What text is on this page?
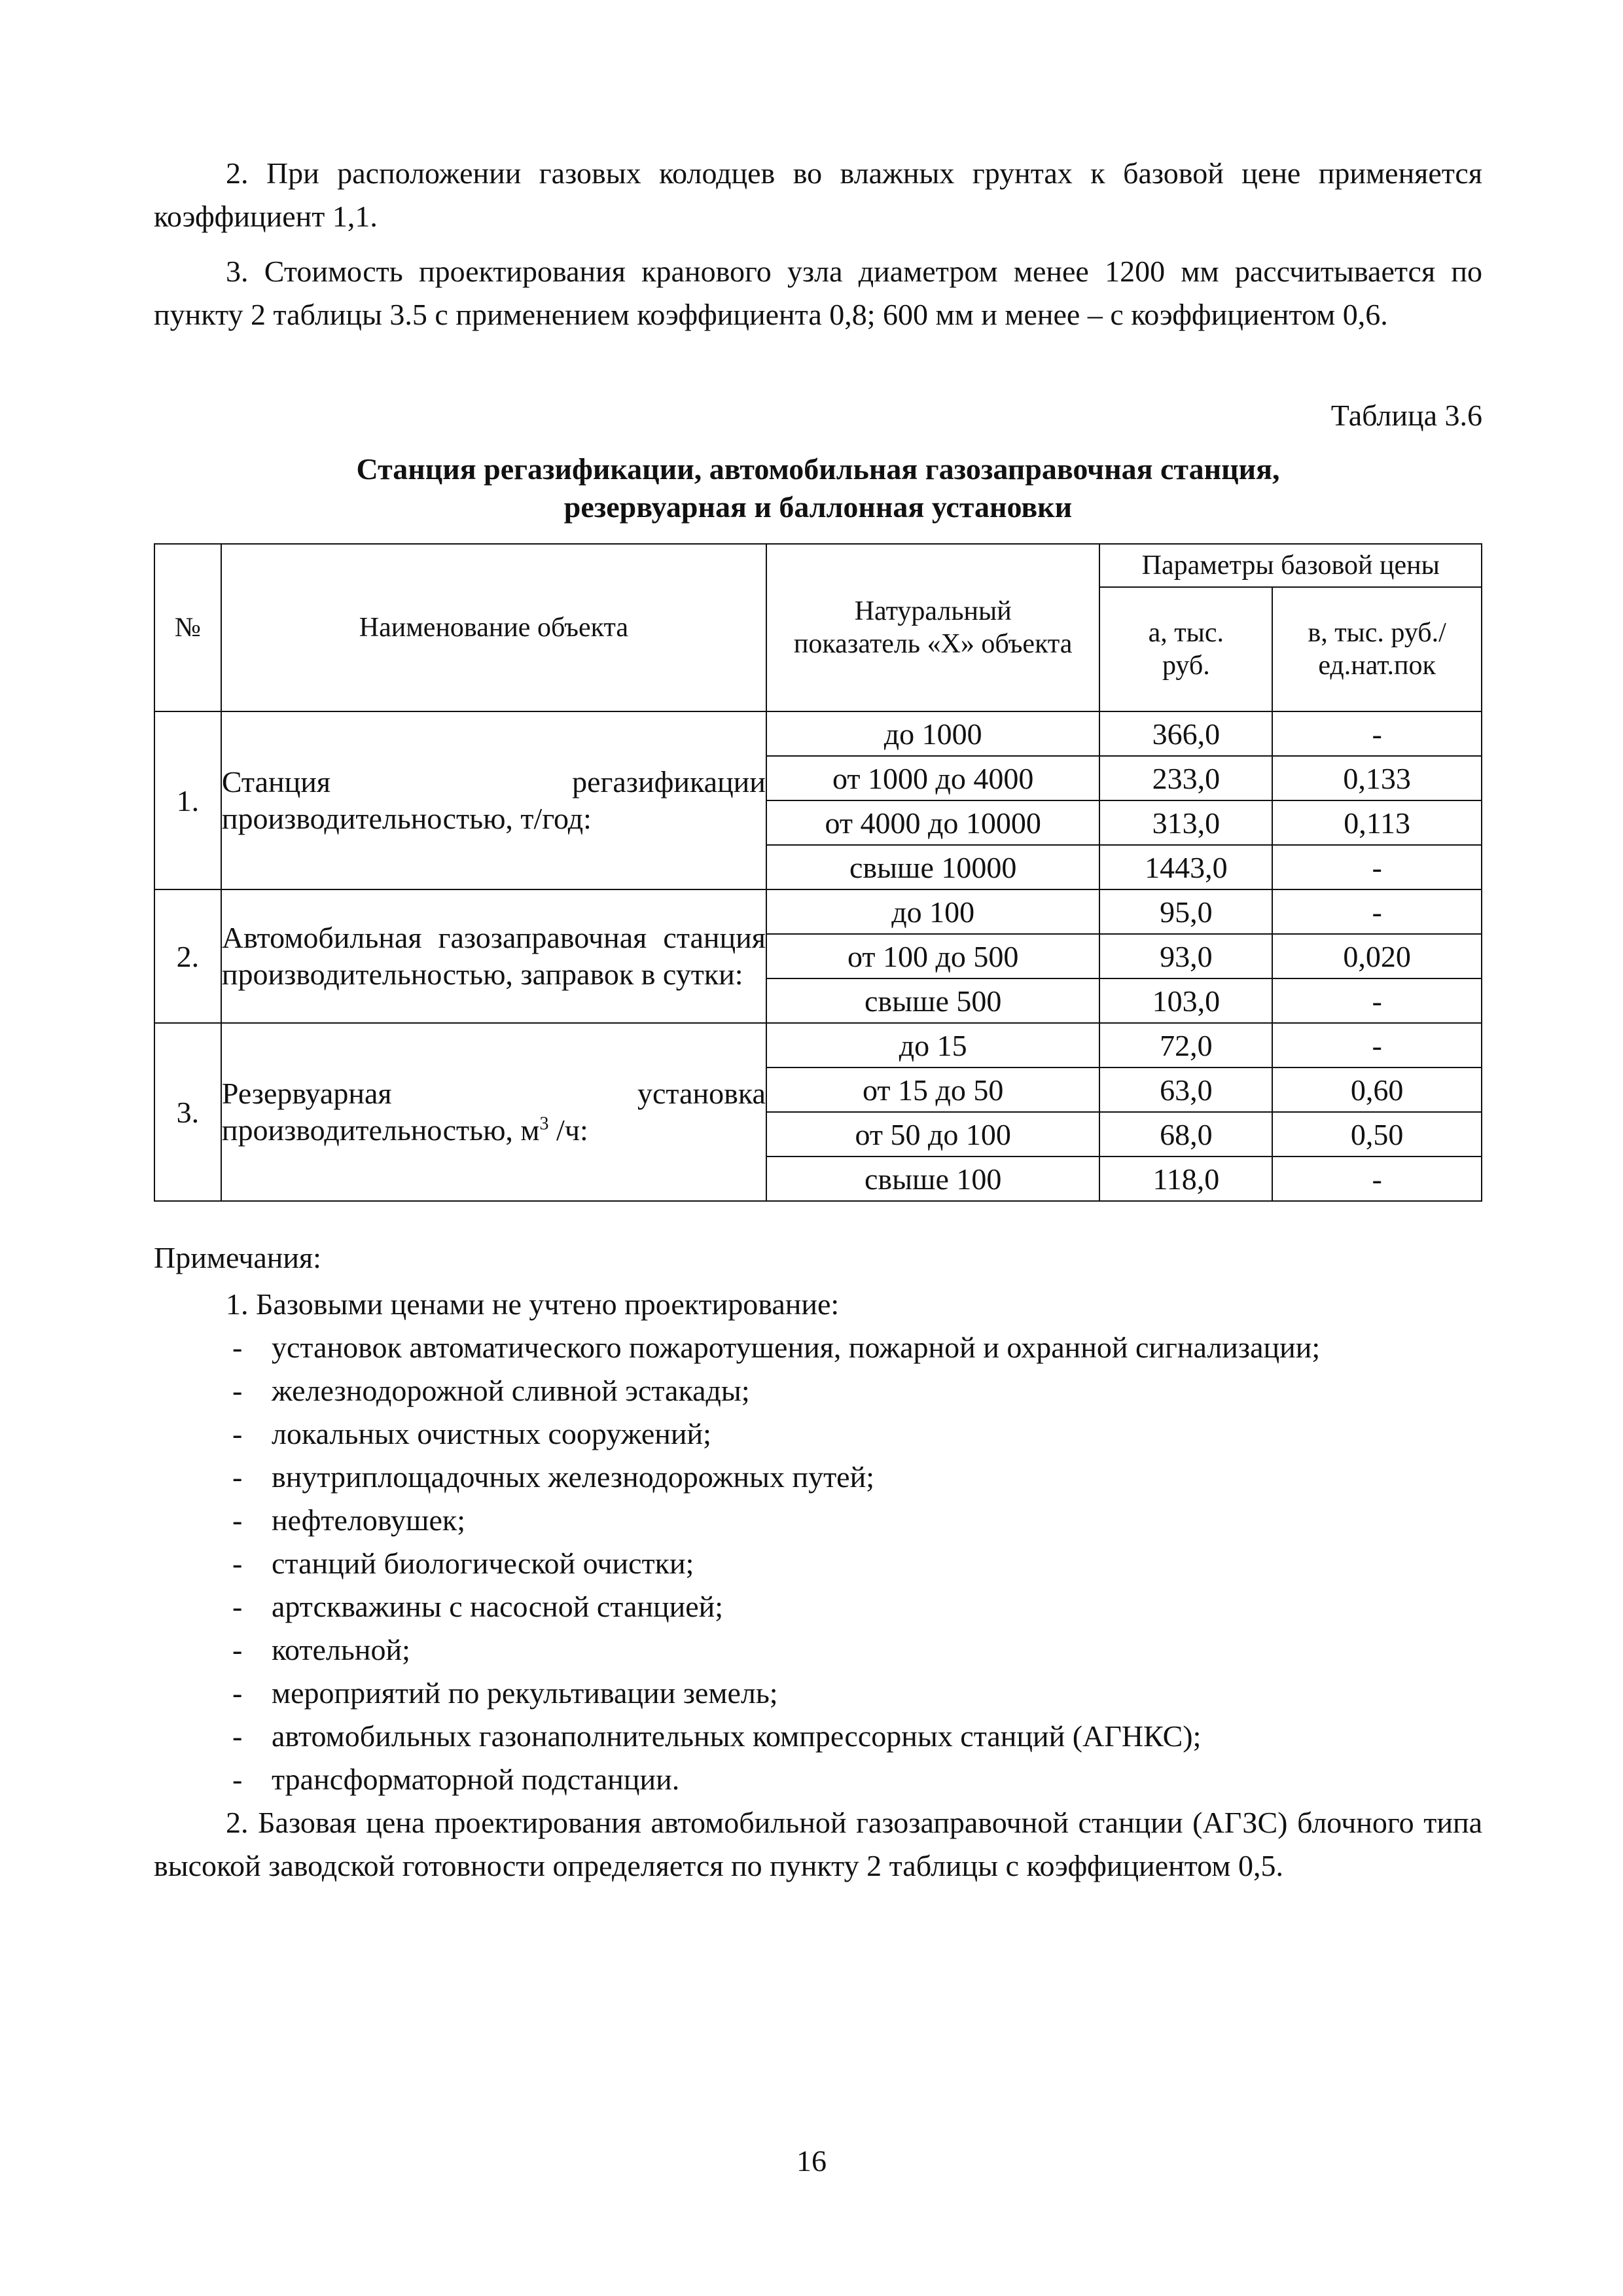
2. При расположении газовых колодцев во влажных грунтах к базовой цене применяется коэффициент 1,1.

3. Стоимость проектирования кранового узла диаметром менее 1200 мм рассчитывается по пункту 2 таблицы 3.5 с применением коэффициента 0,8; 600 мм и менее – с коэффициентом 0,6.

Таблица 3.6
Станция регазификации, автомобильная газозаправочная станция,
резервуарная и баллонная установки
№	Наименование объекта	Натуральный показатель «Х» объекта	Параметры базовой цены	
			а, тыс. руб.	в, тыс. руб./ ед.нат.пок
1.	Станция регазификации производительностью, т/год:	до 1000	366,0	-
		от 1000 до 4000	233,0	0,133
		от 4000 до 10000	313,0	0,113
		свыше 10000	1443,0	-
2.	Автомобильная газозаправочная станция производительностью, заправок в сутки:	до 100	95,0	-
		от 100 до 500	93,0	0,020
		свыше 500	103,0	-
3.	Резервуарная установка производительностью, $м^3$ /ч:	до 15	72,0	-
		от 15 до 50	63,0	0,60
		от 50 до 100	68,0	0,50
		свыше 100	118,0	-
Примечания:
1. Базовыми ценами не учтено проектирование:
- установок автоматического пожаротушения, пожарной и охранной сигнализации;
- железнодорожной сливной эстакады;
- локальных очистных сооружений;
- внутриплощадочных железнодорожных путей;
- нефтеловушек;
- станций биологической очистки;
- артскважины с насосной станцией;
- котельной;
- мероприятий по рекультивации земель;
- автомобильных газонаполнительных компрессорных станций (АГНКС);
- трансформаторной подстанции.

2. Базовая цена проектирования автомобильной газозаправочной станции (АГЗС) блочного типа высокой заводской готовности определяется по пункту 2 таблицы с коэффициентом 0,5.

16
